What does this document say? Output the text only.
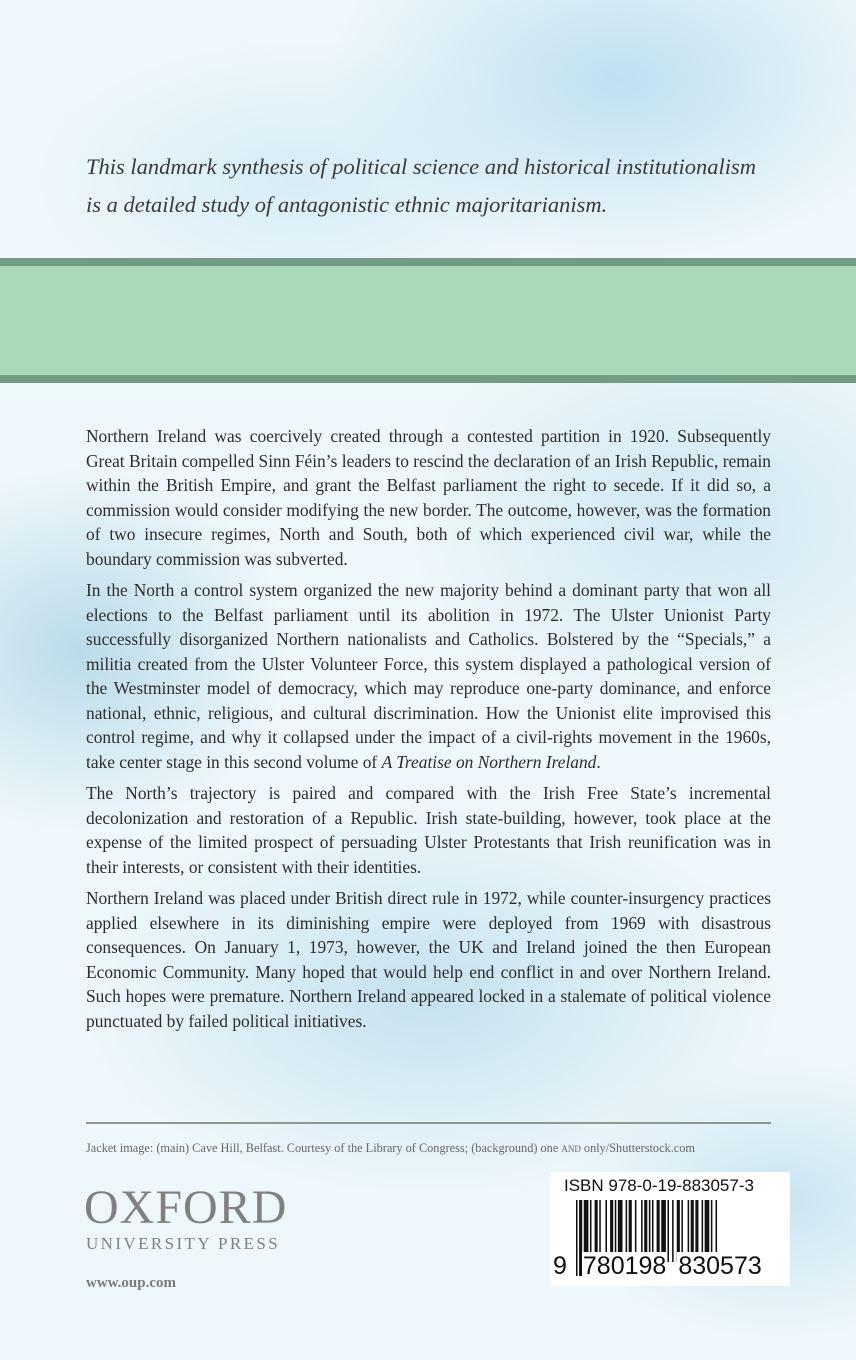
This landmark synthesis of political science and historical institutionalism is a detailed study of antagonistic ethnic majoritarianism.

Northern Ireland was coercively created through a contested partition in 1920. Subsequently Great Britain compelled Sinn Féin’s leaders to rescind the declaration of an Irish Republic, remain within the British Empire, and grant the Belfast parliament the right to secede. If it did so, a commission would consider modifying the new border. The outcome, however, was the formation of two insecure regimes, North and South, both of which experienced civil war, while the boundary commission was subverted.

In the North a control system organized the new majority behind a dominant party that won all elections to the Belfast parliament until its abolition in 1972. The Ulster Unionist Party successfully disorganized Northern nationalists and Catholics. Bolstered by the “Specials,” a militia created from the Ulster Volunteer Force, this system displayed a pathological version of the Westminster model of democracy, which may reproduce one-party dominance, and enforce national, ethnic, religious, and cultural discrimination. How the Unionist elite improvised this control regime, and why it collapsed under the impact of a civil-rights movement in the 1960s, take center stage in this second volume of A Treatise on Northern Ireland.

The North’s trajectory is paired and compared with the Irish Free State’s incremental decolonization and restoration of a Republic. Irish state-building, however, took place at the expense of the limited prospect of persuading Ulster Protestants that Irish reunification was in their interests, or consistent with their identities.

Northern Ireland was placed under British direct rule in 1972, while counter-insurgency practices applied elsewhere in its diminishing empire were deployed from 1969 with disastrous consequences. On January 1, 1973, however, the UK and Ireland joined the then European Economic Community. Many hoped that would help end conflict in and over Northern Ireland. Such hopes were premature. Northern Ireland appeared locked in a stalemate of political violence punctuated by failed political initiatives.

Jacket image: (main) Cave Hill, Belfast. Courtesy of the Library of Congress; (background) one and only/Shutterstock.com
OXFORD
UNIVERSITY PRESS
www.oup.com
ISBN 978-0-19-883057-3
9 780198 830573
